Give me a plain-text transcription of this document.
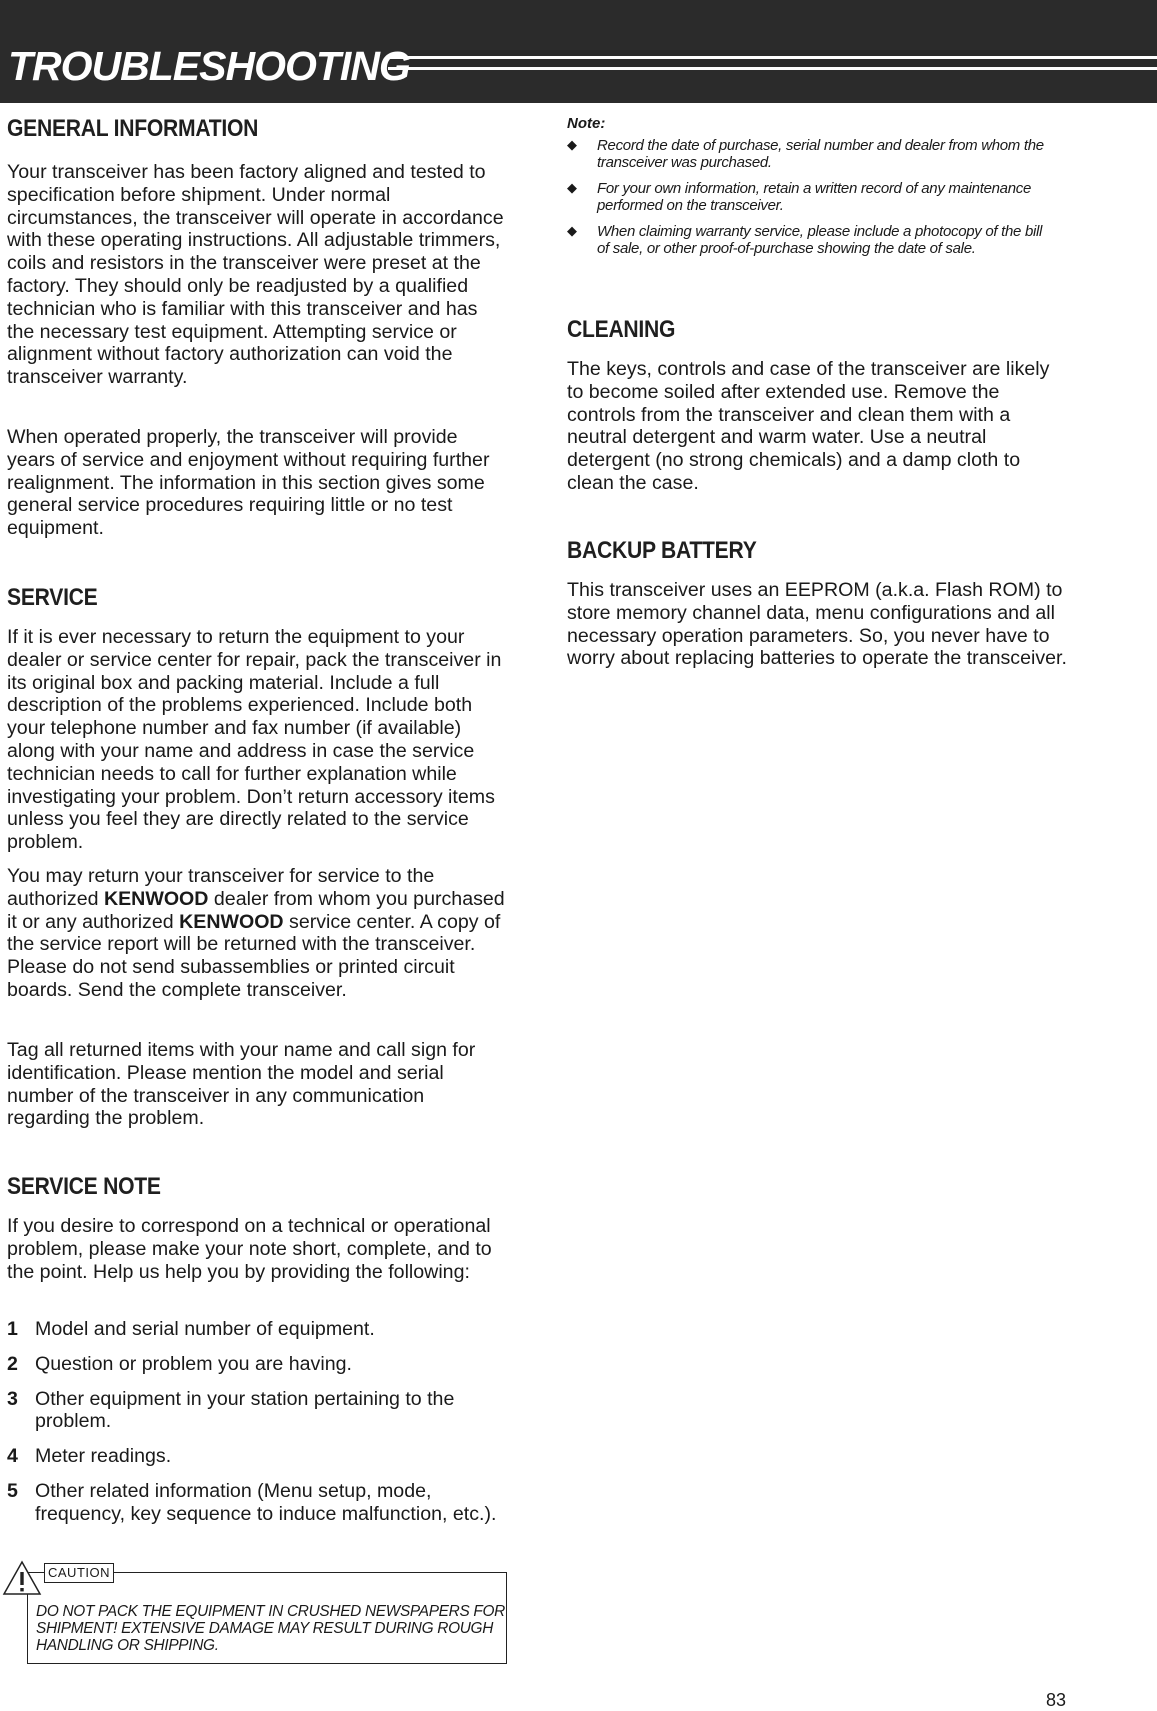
TROUBLESHOOTING
GENERAL INFORMATION

Your transceiver has been factory aligned and tested to specification before shipment. Under normal circumstances, the transceiver will operate in accordance with these operating instructions. All adjustable trimmers, coils and resistors in the transceiver were preset at the factory. They should only be readjusted by a qualified technician who is familiar with this transceiver and has the necessary test equipment. Attempting service or alignment without factory authorization can void the transceiver warranty.

When operated properly, the transceiver will provide years of service and enjoyment without requiring further realignment. The information in this section gives some general service procedures requiring little or no test equipment.

SERVICE

If it is ever necessary to return the equipment to your dealer or service center for repair, pack the transceiver in its original box and packing material. Include a full description of the problems experienced. Include both your telephone number and fax number (if available) along with your name and address in case the service technician needs to call for further explanation while investigating your problem. Don’t return accessory items unless you feel they are directly related to the service problem.

You may return your transceiver for service to the authorized KENWOOD dealer from whom you purchased it or any authorized KENWOOD service center. A copy of the service report will be returned with the transceiver. Please do not send subassemblies or printed circuit boards. Send the complete transceiver.

Tag all returned items with your name and call sign for identification. Please mention the model and serial number of the transceiver in any communication regarding the problem.

SERVICE NOTE

If you desire to correspond on a technical or operational problem, please make your note short, complete, and to the point. Help us help you by providing the following:

1 Model and serial number of equipment.
2 Question or problem you are having.
3 Other equipment in your station pertaining to the problem.
4 Meter readings.
5 Other related information (Menu setup, mode, frequency, key sequence to induce malfunction, etc.).
CAUTION

DO NOT PACK THE EQUIPMENT IN CRUSHED NEWSPAPERS FOR SHIPMENT! EXTENSIVE DAMAGE MAY RESULT DURING ROUGH HANDLING OR SHIPPING.

Note:

◆ Record the date of purchase, serial number and dealer from whom the transceiver was purchased.
◆ For your own information, retain a written record of any maintenance performed on the transceiver.
◆ When claiming warranty service, please include a photocopy of the bill of sale, or other proof-of-purchase showing the date of sale.
CLEANING

The keys, controls and case of the transceiver are likely to become soiled after extended use. Remove the controls from the transceiver and clean them with a neutral detergent and warm water. Use a neutral detergent (no strong chemicals) and a damp cloth to clean the case.

BACKUP BATTERY

This transceiver uses an EEPROM (a.k.a. Flash ROM) to store memory channel data, menu configurations and all necessary operation parameters. So, you never have to worry about replacing batteries to operate the transceiver.

83
